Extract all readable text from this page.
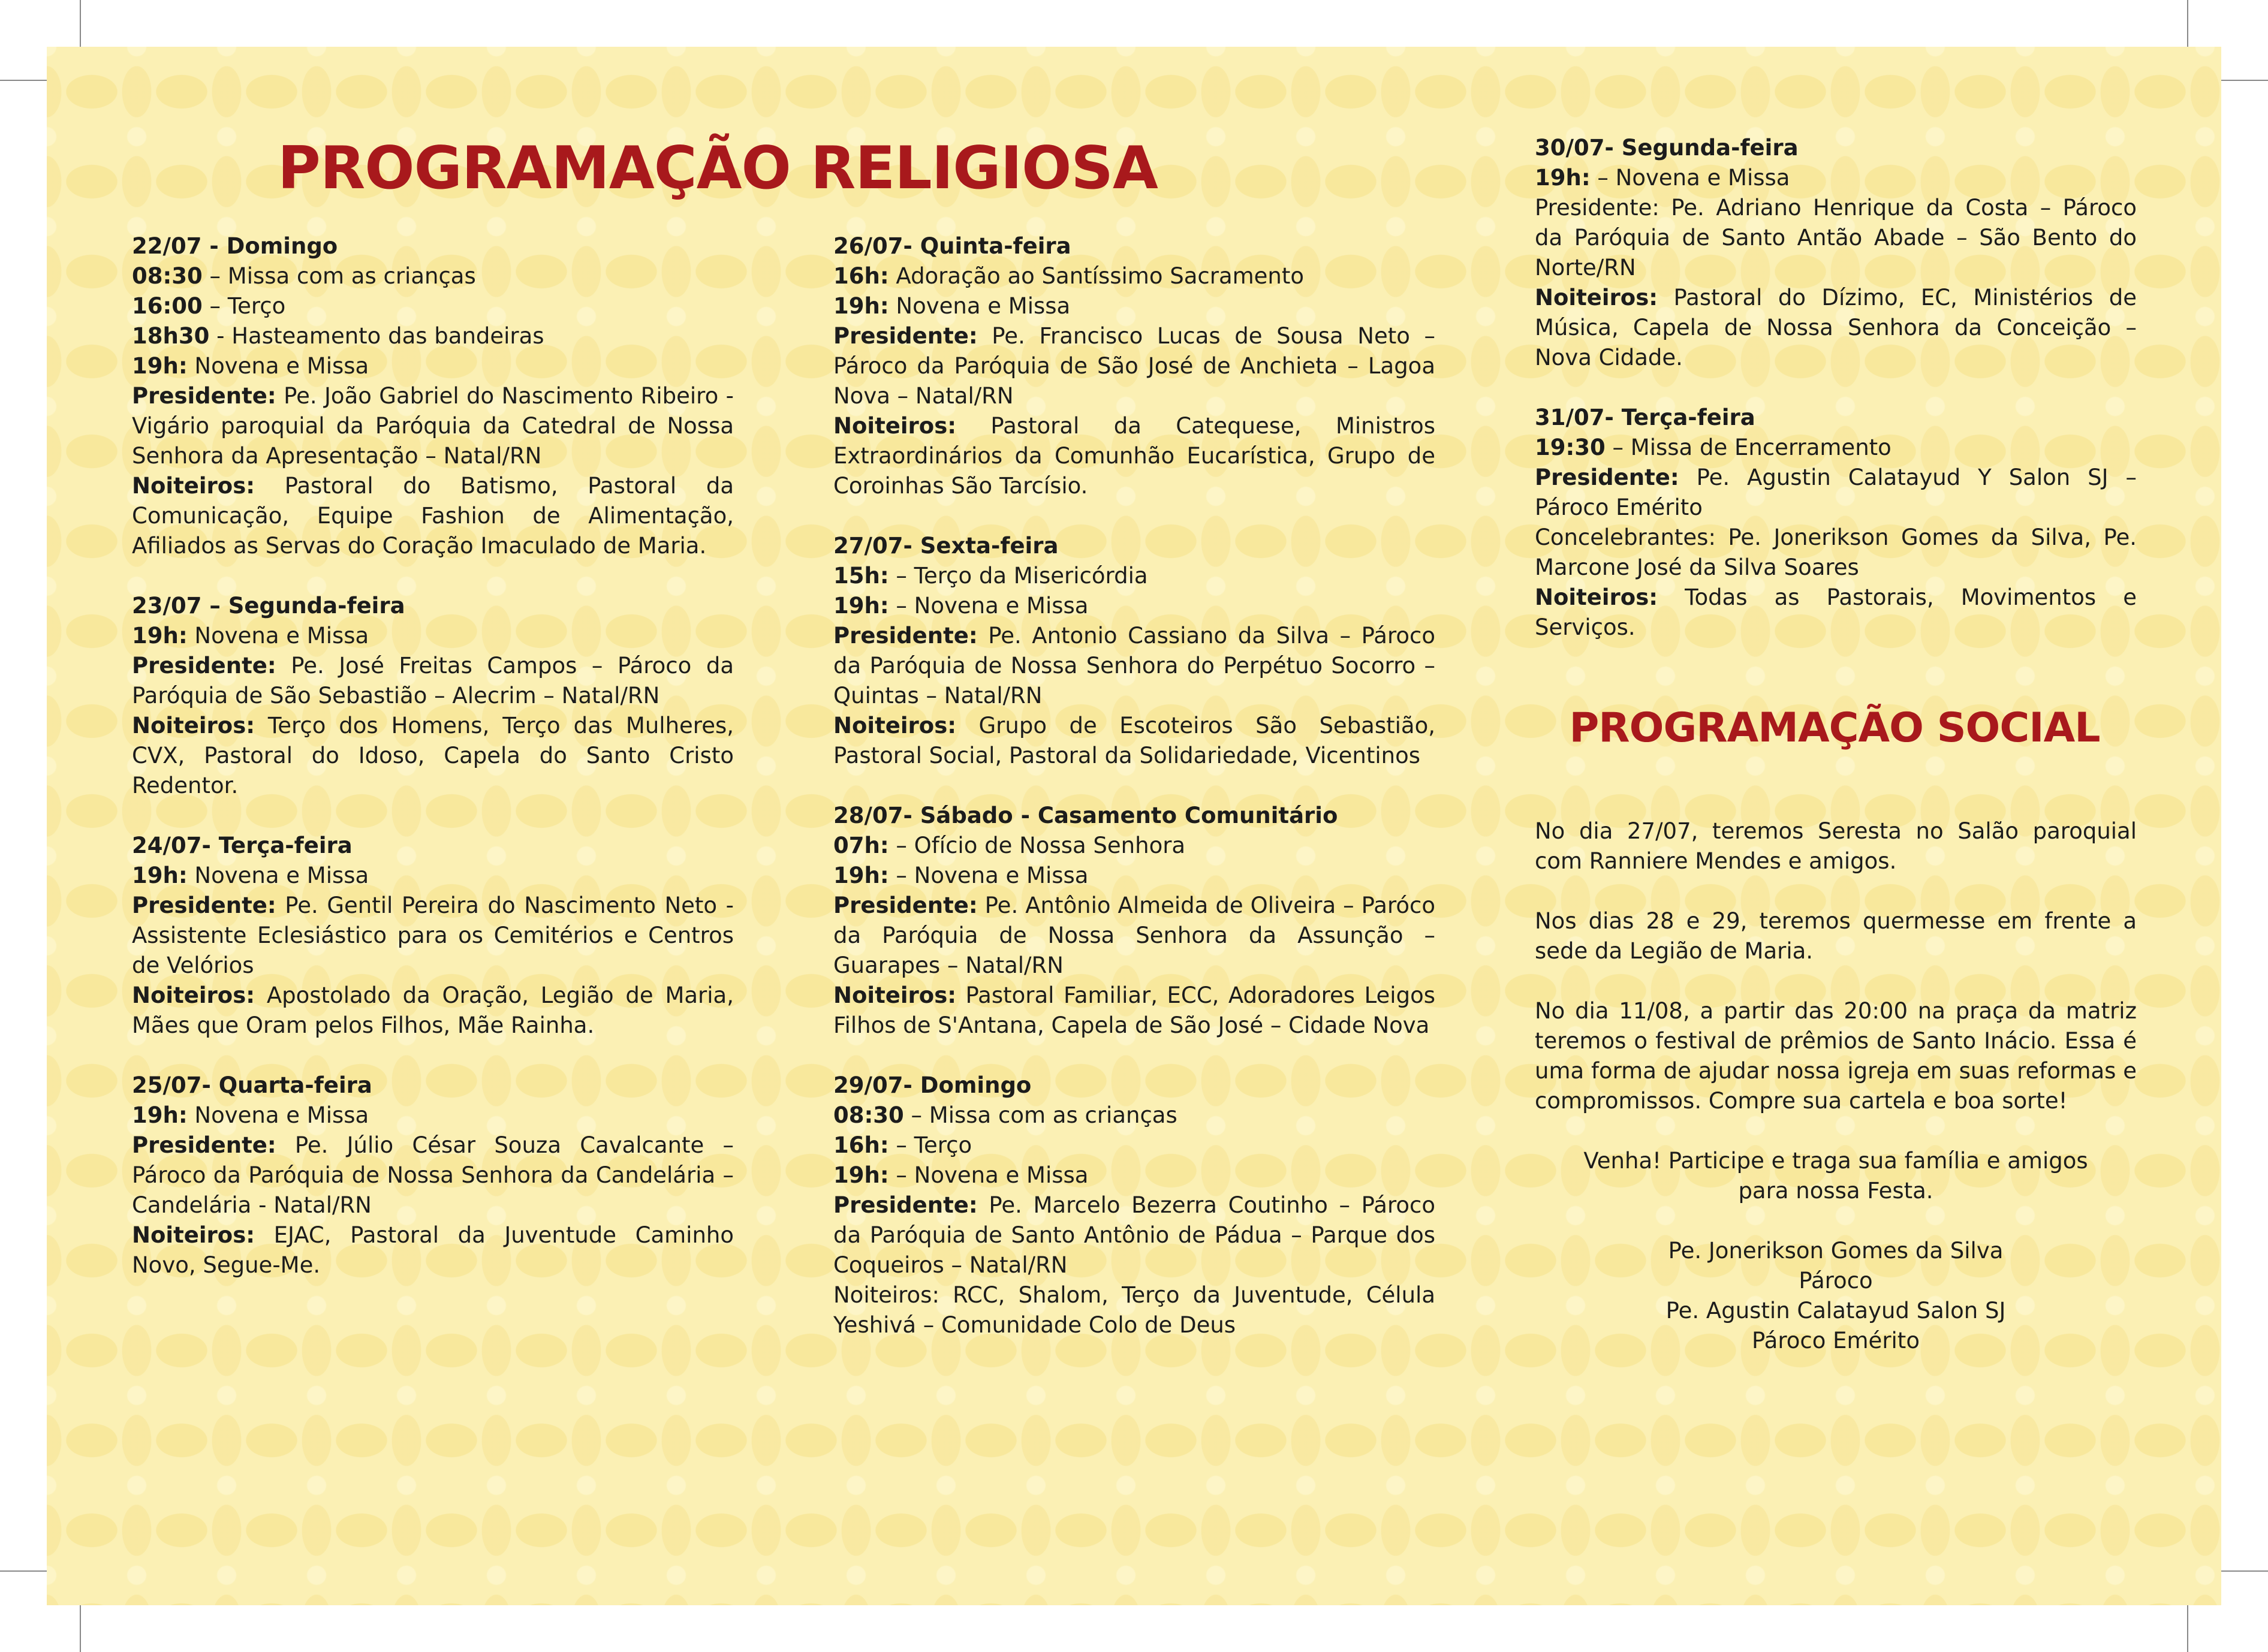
PROGRAMAÇÃO RELIGIOSA

22/07 - Domingo

08:30 – Missa com as crianças

16:00 – Terço

18h30 - Hasteamento das bandeiras

19h: Novena e Missa

Presidente: Pe. João Gabriel do Nascimento Ribeiro - Vigário paroquial da Paróquia da Catedral de Nossa Senhora da Apresentação – Natal/RN

Noiteiros: Pastoral do Batismo, Pastoral da Comunicação, Equipe Fashion de Alimentação, Afiliados as Servas do Coração Imaculado de Maria.

23/07 – Segunda-feira

19h: Novena e Missa

Presidente: Pe. José Freitas Campos – Pároco da Paróquia de São Sebastião – Alecrim – Natal/RN

Noiteiros: Terço dos Homens, Terço das Mulheres, CVX, Pastoral do Idoso, Capela do Santo Cristo Redentor.

24/07- Terça-feira

19h: Novena e Missa

Presidente: Pe. Gentil Pereira do Nascimento Neto - Assistente Eclesiástico para os Cemitérios e Centros de Velórios

Noiteiros: Apostolado da Oração, Legião de Maria, Mães que Oram pelos Filhos, Mãe Rainha.

25/07- Quarta-feira

19h: Novena e Missa

Presidente: Pe. Júlio César Souza Cavalcante – Pároco da Paróquia de Nossa Senhora da Candelária – Candelária - Natal/RN

Noiteiros: EJAC, Pastoral da Juventude Caminho Novo, Segue-Me.

26/07- Quinta-feira

16h: Adoração ao Santíssimo Sacramento

19h: Novena e Missa

Presidente: Pe. Francisco Lucas de Sousa Neto – Pároco da Paróquia de São José de Anchieta – Lagoa Nova – Natal/RN

Noiteiros: Pastoral da Catequese, Ministros Extraordinários da Comunhão Eucarística, Grupo de Coroinhas São Tarcísio.

27/07- Sexta-feira

15h: – Terço da Misericórdia

19h: – Novena e Missa

Presidente: Pe. Antonio Cassiano da Silva – Pároco da Paróquia de Nossa Senhora do Perpétuo Socorro – Quintas – Natal/RN

Noiteiros: Grupo de Escoteiros São Sebastião, Pastoral Social, Pastoral da Solidariedade, Vicentinos

28/07- Sábado - Casamento Comunitário

07h: – Ofício de Nossa Senhora

19h: – Novena e Missa

Presidente: Pe. Antônio Almeida de Oliveira – Paróco da Paróquia de Nossa Senhora da Assunção – Guarapes – Natal/RN

Noiteiros: Pastoral Familiar, ECC, Adoradores Leigos Filhos de S'Antana, Capela de São José – Cidade Nova

29/07- Domingo

08:30 – Missa com as crianças

16h: – Terço

19h: – Novena e Missa

Presidente: Pe. Marcelo Bezerra Coutinho – Pároco da Paróquia de Santo Antônio de Pádua – Parque dos Coqueiros – Natal/RN

Noiteiros: RCC, Shalom, Terço da Juventude, Célula Yeshivá – Comunidade Colo de Deus

30/07- Segunda-feira

19h: – Novena e Missa

Presidente: Pe. Adriano Henrique da Costa – Pároco da Paróquia de Santo Antão Abade – São Bento do Norte/RN

Noiteiros: Pastoral do Dízimo, EC, Ministérios de Música, Capela de Nossa Senhora da Conceição – Nova Cidade.

31/07- Terça-feira

19:30 – Missa de Encerramento

Presidente: Pe. Agustin Calatayud Y Salon SJ – Pároco Emérito

Concelebrantes: Pe. Jonerikson Gomes da Silva, Pe. Marcone José da Silva Soares

Noiteiros: Todas as Pastorais, Movimentos e Serviços.

PROGRAMAÇÃO SOCIAL

No dia 27/07, teremos Seresta no Salão paroquial com Ranniere Mendes e amigos.

Nos dias 28 e 29, teremos quermesse em frente a sede da Legião de Maria.

No dia 11/08, a partir das 20:00 na praça da matriz teremos o festival de prêmios de Santo Inácio. Essa é uma forma de ajudar nossa igreja em suas reformas e compromissos. Compre sua cartela e boa sorte!

Venha! Participe e traga sua família e amigos
para nossa Festa.
Pe. Jonerikson Gomes da Silva
Pároco
Pe. Agustin Calatayud Salon SJ
Pároco Emérito
